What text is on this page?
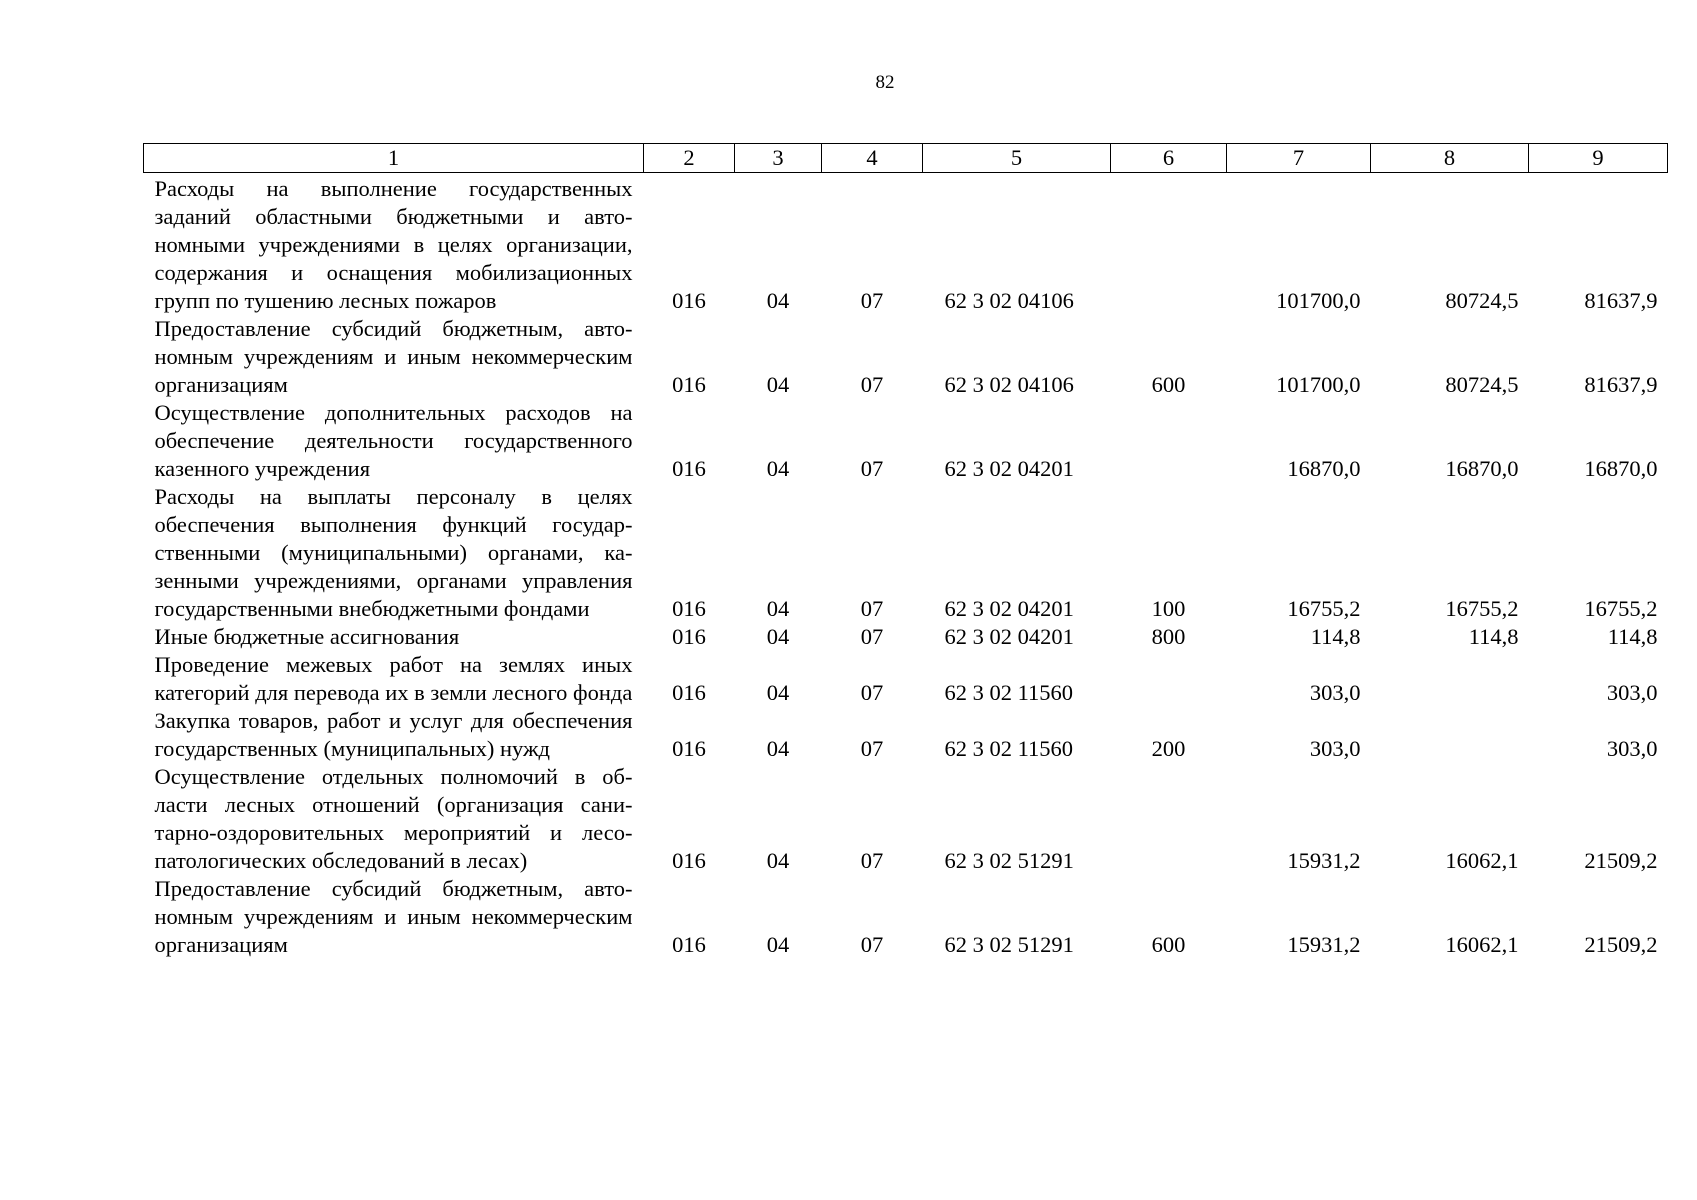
82
1	2	3	4	5	6	7	8	9
Расходы на выполнение государственных заданий областными бюджетными и автономными учреждениями в целях организации, содержания и оснащения мобилизационных групп по тушению лесных пожаров	016	04	07	62 3 02 04106		101700,0	80724,5	81637,9
Предоставление субсидий бюджетным, автономным учреждениям и иным некоммерческим организациям	016	04	07	62 3 02 04106	600	101700,0	80724,5	81637,9
Осуществление дополнительных расходов на обеспечение деятельности государственного казенного учреждения	016	04	07	62 3 02 04201		16870,0	16870,0	16870,0
Расходы на выплаты персоналу в целях обеспечения выполнения функций государственными (муниципальными) органами, казенными учреждениями, органами управления государственными внебюджетными фондами	016	04	07	62 3 02 04201	100	16755,2	16755,2	16755,2
Иные бюджетные ассигнования	016	04	07	62 3 02 04201	800	114,8	114,8	114,8
Проведение межевых работ на землях иных категорий для перевода их в земли лесного фонда	016	04	07	62 3 02 11560		303,0		303,0
Закупка товаров, работ и услуг для обеспечения государственных (муниципальных) нужд	016	04	07	62 3 02 11560	200	303,0		303,0
Осуществление отдельных полномочий в области лесных отношений (организация санитарно-оздоровительных мероприятий и лесопатологических обследований в лесах)	016	04	07	62 3 02 51291		15931,2	16062,1	21509,2
Предоставление субсидий бюджетным, автономным учреждениям и иным некоммерческим организациям	016	04	07	62 3 02 51291	600	15931,2	16062,1	21509,2
